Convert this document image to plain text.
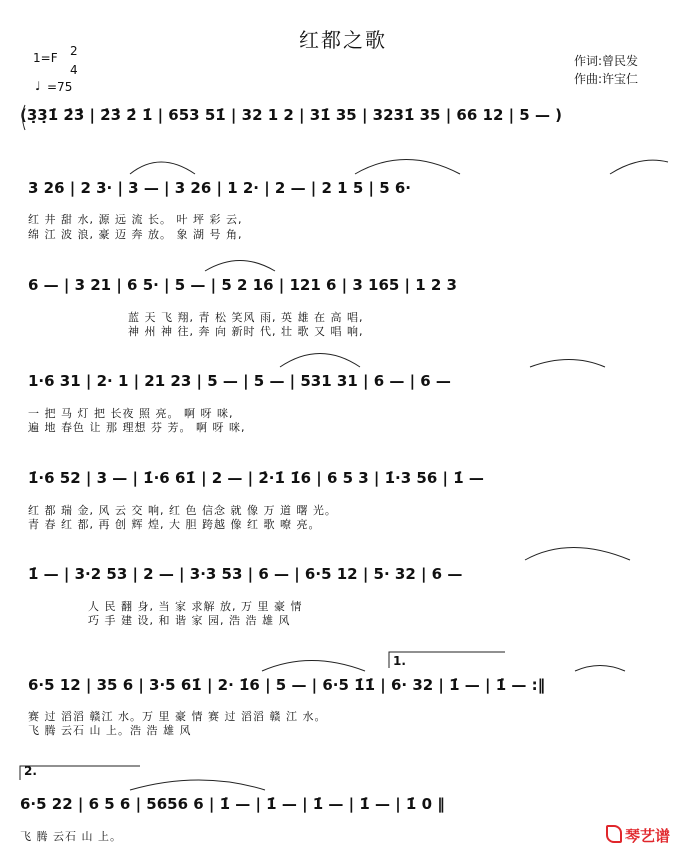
红都之歌
1=F 2
4
♩ =75
作词:曾民发
作曲:许宝仁
(3̣3̣1̇ 2̇3̇ | 2̇3̇ 2̇ 1̇ | 653 51̇ | 32 1 2 | 31̇ 35 | 3231̇ 35 | 66 12 | 5 — )
3 26 | 2 3· | 3 — | 3 26 | 1 2· | 2 — | 2 1 5 | 5 6·
红 井 甜 水, 源 远 流 长。 叶 坪 彩 云,
绵 江 波 浪, 豪 迈 奔 放。 象 湖 号 角,
6 — | 3 21 | 6 5· | 5 — | 5 2 16 | 121 6 | 3 165 | 1 2 3
蓝 天 飞 翔, 青 松 笑风 雨, 英 雄 在 高 唱,
神 州 神 往, 奔 向 新时 代, 壮 歌 又 唱 响,
1·6 31 | 2· 1 | 21 23 | 5 — | 5 — | 531 31 | 6 — | 6 —
一 把 马 灯 把 长夜 照 亮。 啊 呀 咪,
遍 地 春色 让 那 理想 芬 芳。 啊 呀 咪,
1̇·6 52 | 3 — | 1̇·6 61̇ | 2 — | 2̇·1̇ 1̇6 | 6 5 3 | 1̇·3 56 | 1̇ —
红 都 瑞 金, 风 云 交 响, 红 色 信念 就 像 万 道 曙 光。
青 春 红 都, 再 创 辉 煌, 大 胆 跨越 像 红 歌 嘹 亮。
1̇ — | 3·2 53 | 2 — | 3·3 53 | 6 — | 6·5 12 | 5· 32 | 6 —
人 民 翻 身, 当 家 求解 放, 万 里 豪 情
巧 手 建 设, 和 谐 家 园, 浩 浩 雄 风
1.
6·5 12 | 35 6 | 3·5 61̇ | 2· 1̇6 | 5 — | 6·5 1̇1̇ | 6· 32 | 1̇ — | 1̇ — :‖
赛 过 滔滔 赣江 水。万 里 豪 情 赛 过 滔滔 赣 江 水。
飞 腾 云石 山 上。浩 浩 雄 风
2.
6·5 22 | 6 5 6 | 5656 6 | 1̇ — | 1̇ — | 1̇ — | 1̇ — | 1̇ 0 ‖
飞 腾 云石 山 上。	琴艺谱
